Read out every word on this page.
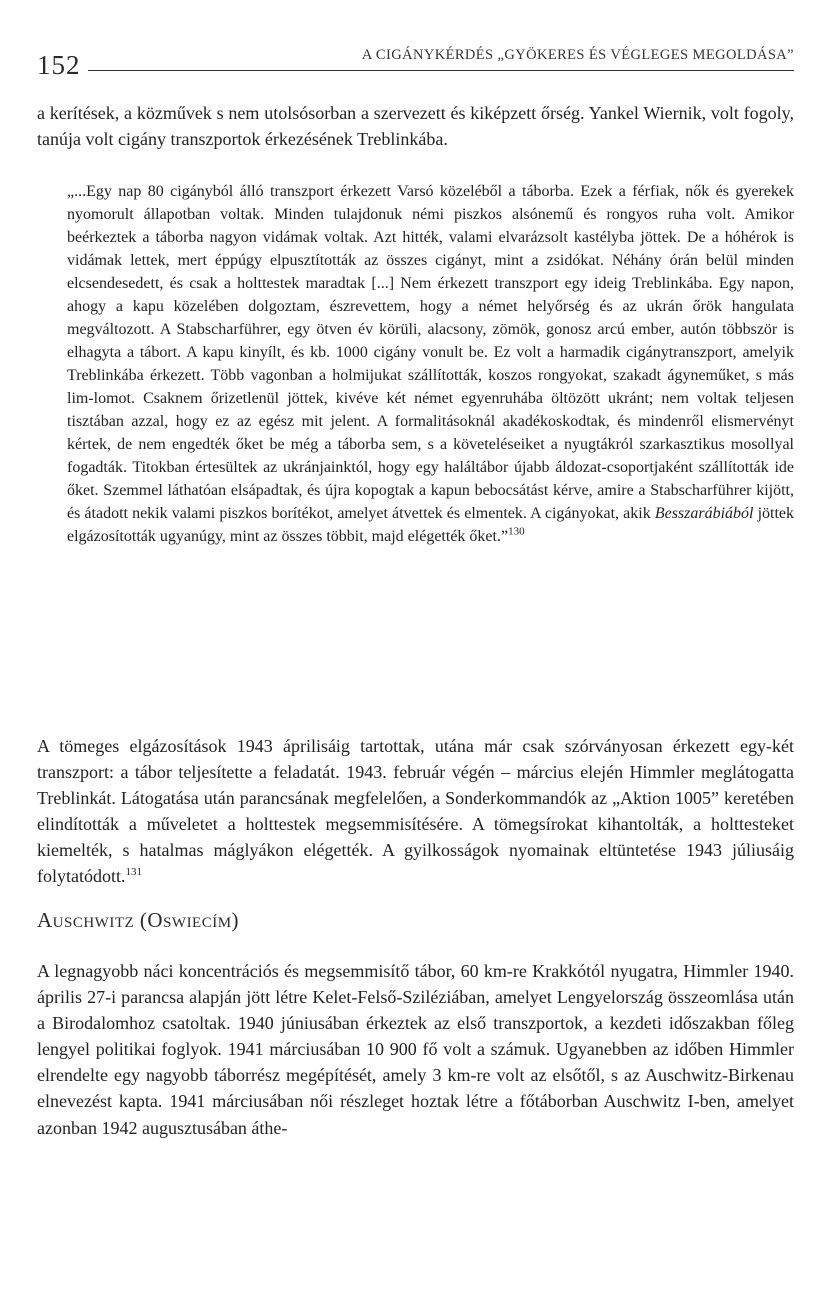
152	A CIGÁNYKÉRDÉS „GYÖKERES ÉS VÉGLEGES MEGOLDÁSA”

a kerítések, a közművek s nem utolsósorban a szervezett és kiképzett őrség. Yankel Wiernik, volt fogoly, tanúja volt cigány transzportok érkezésének Treblinkába.

„...Egy nap 80 cigányból álló transzport érkezett Varsó közeléből a táborba. Ezek a férfiak, nők és gyerekek nyomorult állapotban voltak. Minden tulajdonuk némi piszkos alsónemű és rongyos ruha volt. Amikor beérkeztek a táborba nagyon vidámak voltak. Azt hitték, valami elvarázsolt kastélyba jöttek. De a hóhérok is vidámak lettek, mert éppúgy elpusztították az összes cigányt, mint a zsidókat. Néhány órán belül minden elcsendesedett, és csak a holttestek maradtak [...] Nem érkezett transzport egy ideig Treblinkába. Egy napon, ahogy a kapu közelében dolgoztam, észrevettem, hogy a német helyőrség és az ukrán őrök hangulata megváltozott. A Stabscharführer, egy ötven év körüli, alacsony, zömök, gonosz arcú ember, autón többször is elhagyta a tábort. A kapu kinyílt, és kb. 1000 cigány vonult be. Ez volt a harmadik cigánytranszport, amelyik Treblinkába érkezett. Több vagonban a holmijukat szállították, koszos rongyokat, szakadt ágyneműket, s más lim-lomot. Csaknem őrizetlenül jöttek, kivéve két német egyenruhába öltözött ukránt; nem voltak teljesen tisztában azzal, hogy ez az egész mit jelent. A formalitásoknál akadékoskodtak, és mindenről elismervényt kértek, de nem engedték őket be még a táborba sem, s a követeléseiket a nyugtákról szarkasztikus mosollyal fogadták. Titokban értesültek az ukránjainktól, hogy egy haláltábor újabb áldozat-csoportjaként szállították ide őket. Szemmel láthatóan elsápadtak, és újra kopogtak a kapun bebocsátást kérve, amire a Stabscharführer kijött, és átadott nekik valami piszkos borítékot, amelyet átvettek és elmentek. A cigányokat, akik Besszarábiából jöttek elgázosították ugyanúgy, mint az összes többit, majd elégették őket.”$^{130}$

A tömeges elgázosítások 1943 áprilisáig tartottak, utána már csak szórványosan érkezett egy-két transzport: a tábor teljesítette a feladatát. 1943. február végén – március elején Himmler meglátogatta Treblinkát. Látogatása után parancsának megfelelően, a Sonderkommandók az „Aktion 1005” keretében elindították a műveletet a holttestek megsemmisítésére. A tömegsírokat kihantolták, a holttesteket kiemelték, s hatalmas máglyákon elégették. A gyilkosságok nyomainak eltüntetése 1943 júliusáig folytatódott.$^{131}$

Auschwitz (Oswiecím)

A legnagyobb náci koncentrációs és megsemmisítő tábor, 60 km-re Krakkótól nyugatra, Himmler 1940. április 27-i parancsa alapján jött létre Kelet-Felső-Sziléziában, amelyet Lengyelország összeomlása után a Birodalomhoz csatoltak. 1940 júniusában érkeztek az első transzportok, a kezdeti időszakban főleg lengyel politikai foglyok. 1941 márciusában 10 900 fő volt a számuk. Ugyanebben az időben Himmler elrendelte egy nagyobb táborrész megépítését, amely 3 km-re volt az elsőtől, s az Auschwitz-Birkenau elnevezést kapta. 1941 márciusában női részleget hoztak létre a főtáborban Auschwitz I-ben, amelyet azonban 1942 augusztusában áthe-
